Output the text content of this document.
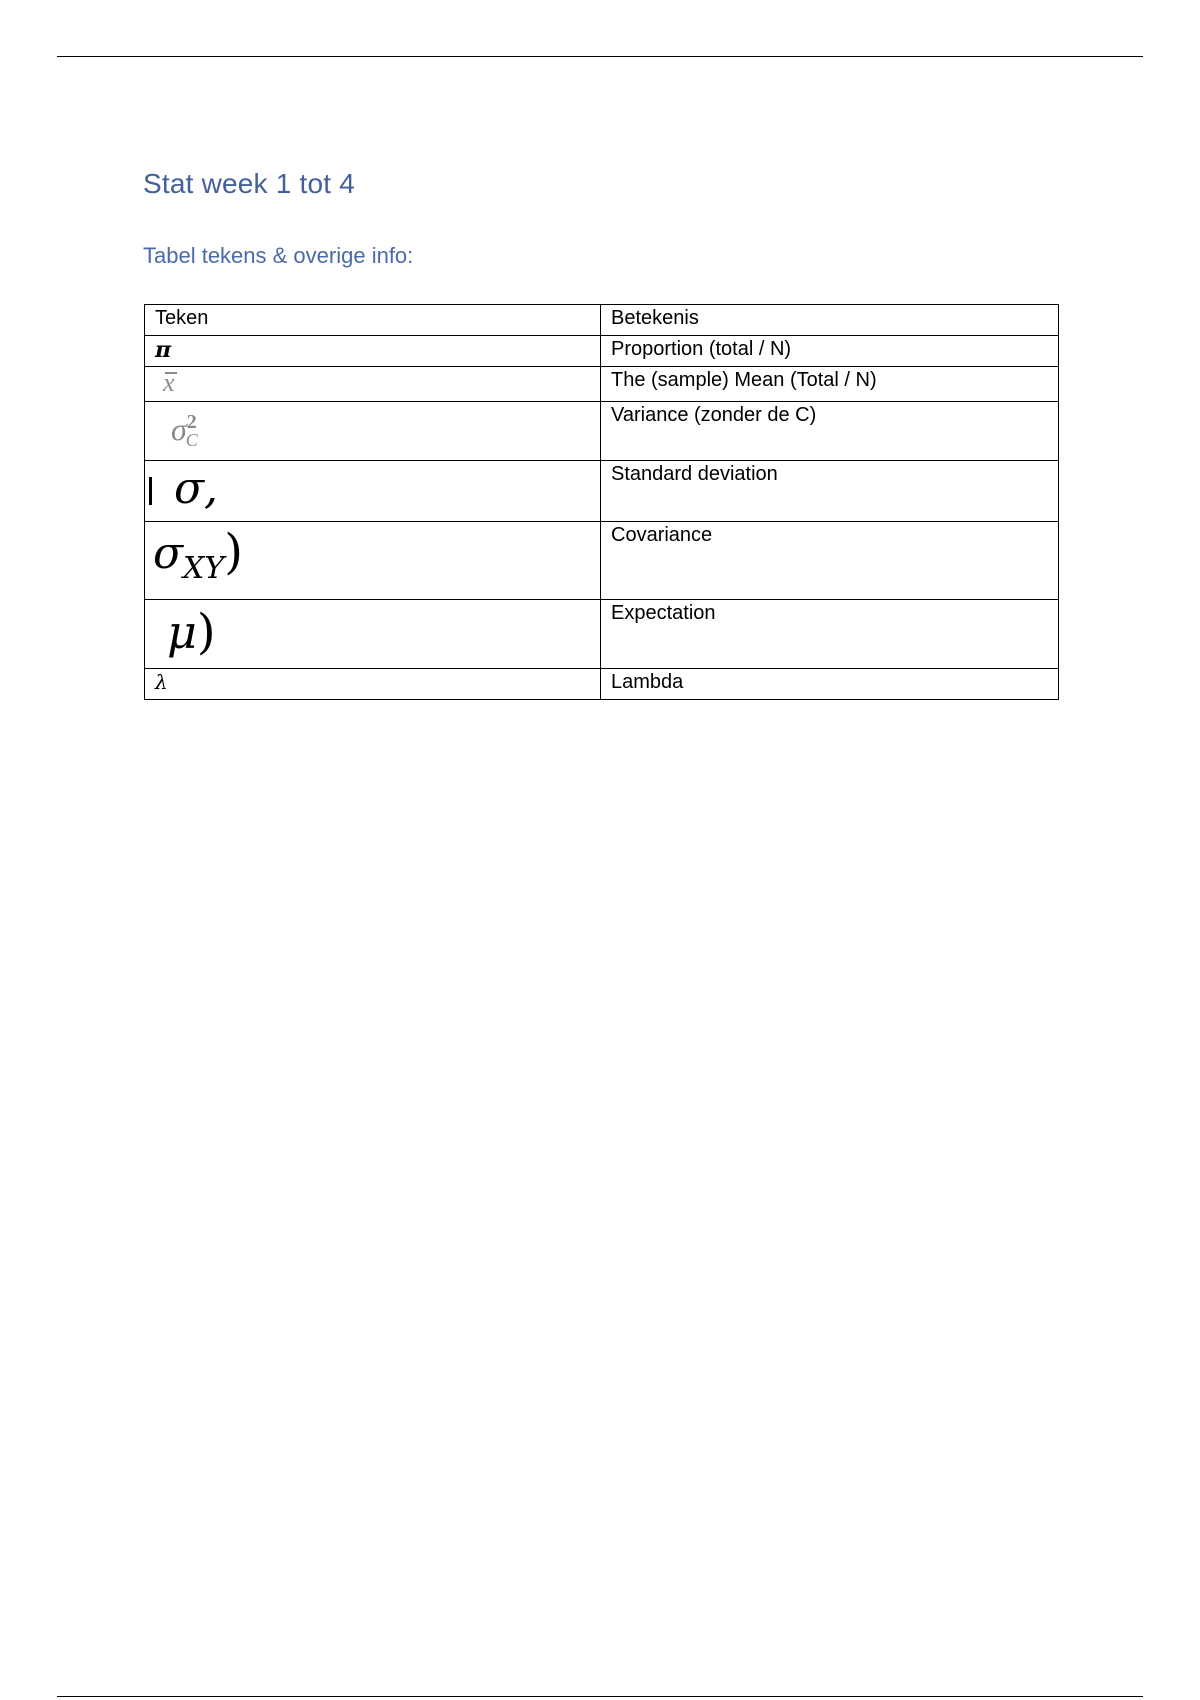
Stat week 1 tot 4
Tabel tekens & overige info:
Teken	Betekenis
π	Proportion (total / N)

x	The (sample) Mean (Total / N)
$\sigma^2_C$	Variance (zonder de C)
σ,	Standard deviation
$\sigma_{XY}$)	Covariance
μ)	Expectation
λ	Lambda
